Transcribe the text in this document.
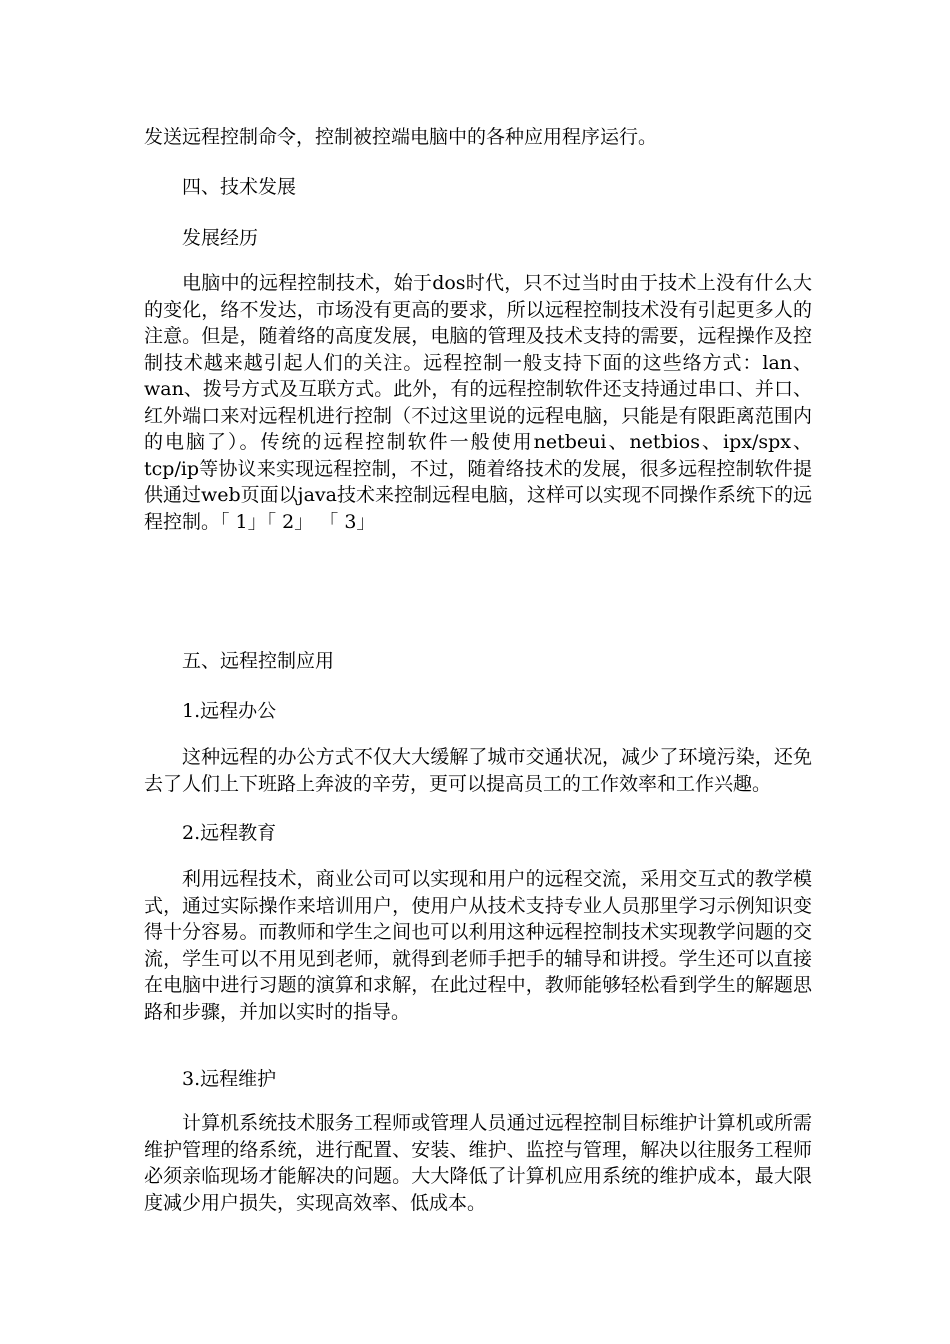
发送远程控制命令，控制被控端电脑中的各种应用程序运行。

四、技术发展

发展经历

电脑中的远程控制技术，始于dos时代，只不过当时由于技术上没有什么大的变化，络不发达，市场没有更高的要求，所以远程控制技术没有引起更多人的注意。但是，随着络的高度发展，电脑的管理及技术支持的需要，远程操作及控制技术越来越引起人们的关注。远程控制一般支持下面的这些络方式：lan、wan、拨号方式及互联方式。此外，有的远程控制软件还支持通过串口、并口、红外端口来对远程机进行控制（不过这里说的远程电脑，只能是有限距离范围内的电脑了）。传统的远程控制软件一般使用netbeui、netbios、ipx/spx、tcp/ip等协议来实现远程控制，不过，随着络技术的发展，很多远程控制软件提供通过web页面以java技术来控制远程电脑，这样可以实现不同操作系统下的远程控制。「 1」「 2」 「 3」

五、远程控制应用

1.远程办公

这种远程的办公方式不仅大大缓解了城市交通状况，减少了环境污染，还免去了人们上下班路上奔波的辛劳，更可以提高员工的工作效率和工作兴趣。

2.远程教育

利用远程技术，商业公司可以实现和用户的远程交流，采用交互式的教学模式，通过实际操作来培训用户，使用户从技术支持专业人员那里学习示例知识变得十分容易。而教师和学生之间也可以利用这种远程控制技术实现教学问题的交流，学生可以不用见到老师，就得到老师手把手的辅导和讲授。学生还可以直接在电脑中进行习题的演算和求解，在此过程中，教师能够轻松看到学生的解题思路和步骤，并加以实时的指导。

3.远程维护

计算机系统技术服务工程师或管理人员通过远程控制目标维护计算机或所需维护管理的络系统，进行配置、安装、维护、监控与管理，解决以往服务工程师必须亲临现场才能解决的问题。大大降低了计算机应用系统的维护成本，最大限度减少用户损失，实现高效率、低成本。
